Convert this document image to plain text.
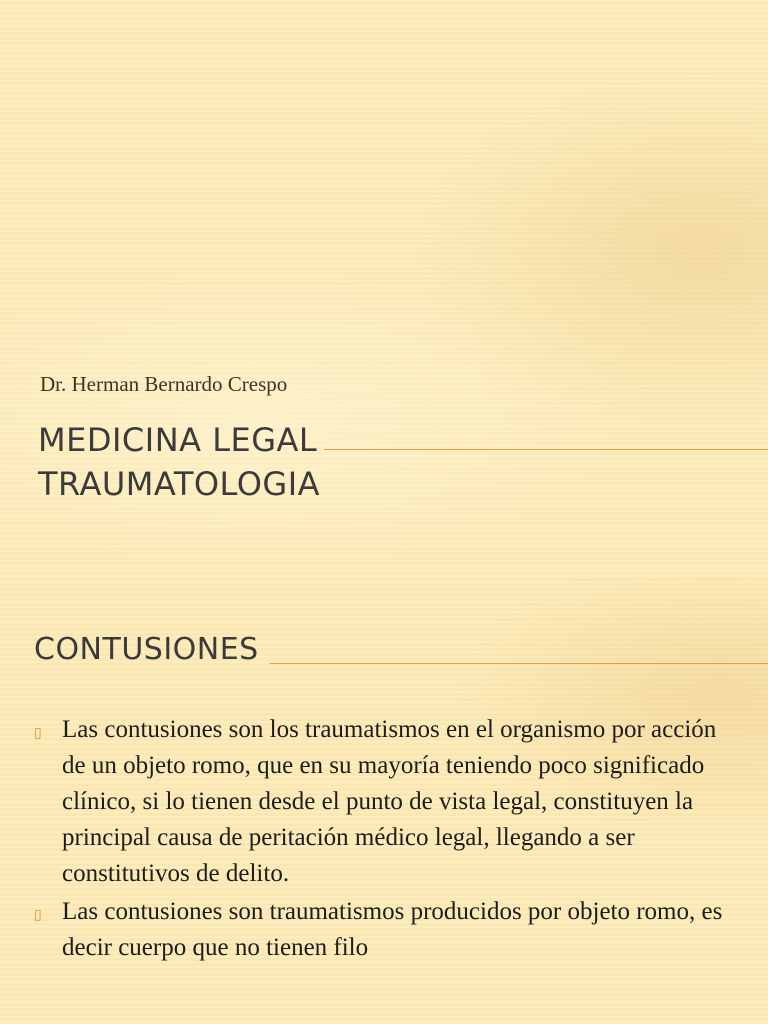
Dr. Herman Bernardo Crespo
MEDICINA LEGAL
TRAUMATOLOGIA
CONTUSIONES
▯ Las contusiones son los traumatismos en el organismo por acción de un objeto romo, que en su mayoría teniendo poco significado clínico, si lo tienen desde el punto de vista legal, constituyen la principal causa de peritación médico legal, llegando a ser constitutivos de delito.
▯ Las contusiones son traumatismos producidos por objeto romo, es decir cuerpo que no tienen filo
